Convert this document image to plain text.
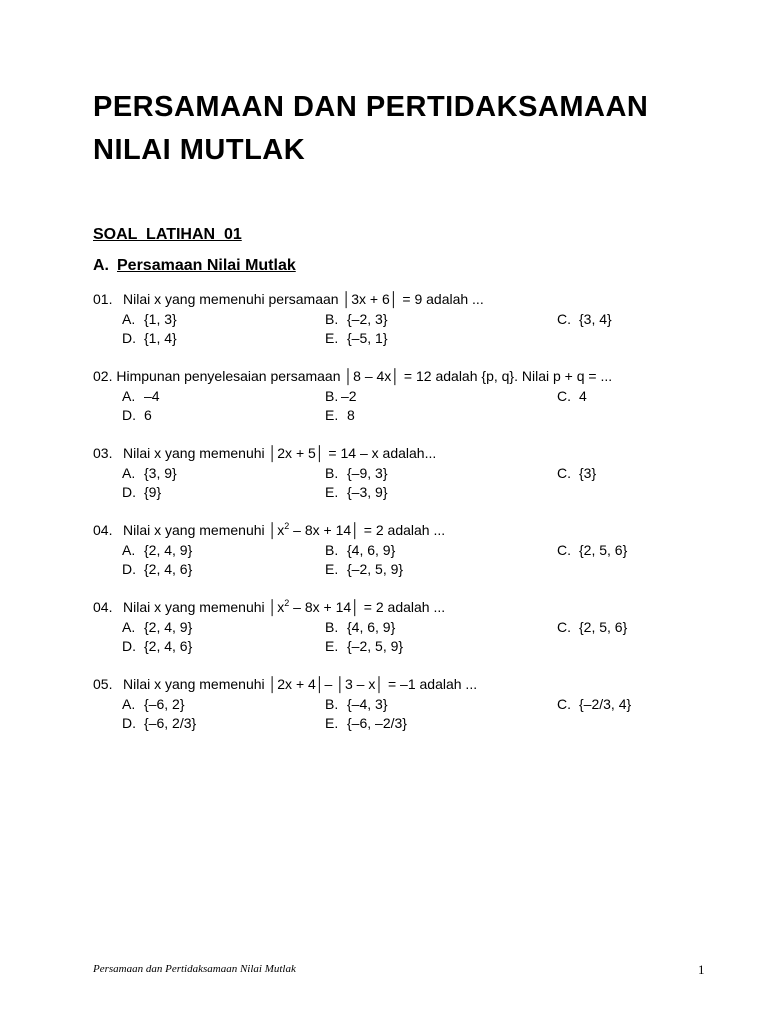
PERSAMAAN DAN PERTIDAKSAMAAN
NILAI MUTLAK
SOAL  LATIHAN  01
A. Persamaan Nilai Mutlak
01. Nilai x yang memenuhi persamaan │3x + 6│ = 9 adalah ...
A. {1, 3}	B. {–2, 3}	C. {3, 4}
D. {1, 4}	E. {–5, 1}
02. Himpunan penyelesaian persamaan │8 – 4x│ = 12 adalah {p, q}. Nilai p + q = ...
A. –4	B. –2	C. 4
D. 6	E. 8
03. Nilai x yang memenuhi │2x + 5│ = 14 – x adalah...
A. {3, 9}	B. {–9, 3}	C. {3}
D. {9}	E. {–3, 9}
04. Nilai x yang memenuhi $│x^2 - 8x$ + 14│ = 2 adalah ...
A. {2, 4, 9}	B. {4, 6, 9}	C. {2, 5, 6}
D. {2, 4, 6}	E. {–2, 5, 9}
04. Nilai x yang memenuhi $│x^2 - 8x$ + 14│ = 2 adalah ...
A. {2, 4, 9}	B. {4, 6, 9}	C. {2, 5, 6}
D. {2, 4, 6}	E. {–2, 5, 9}
05. Nilai x yang memenuhi │2x + 4│– │3 – x│ = –1 adalah ...
A. {–6, 2}	B. {–4, 3}	C. {–2/3, 4}
D. {–6, 2/3}	E. {–6, –2/3}
Persamaan dan Pertidaksamaan Nilai Mutlak	1
